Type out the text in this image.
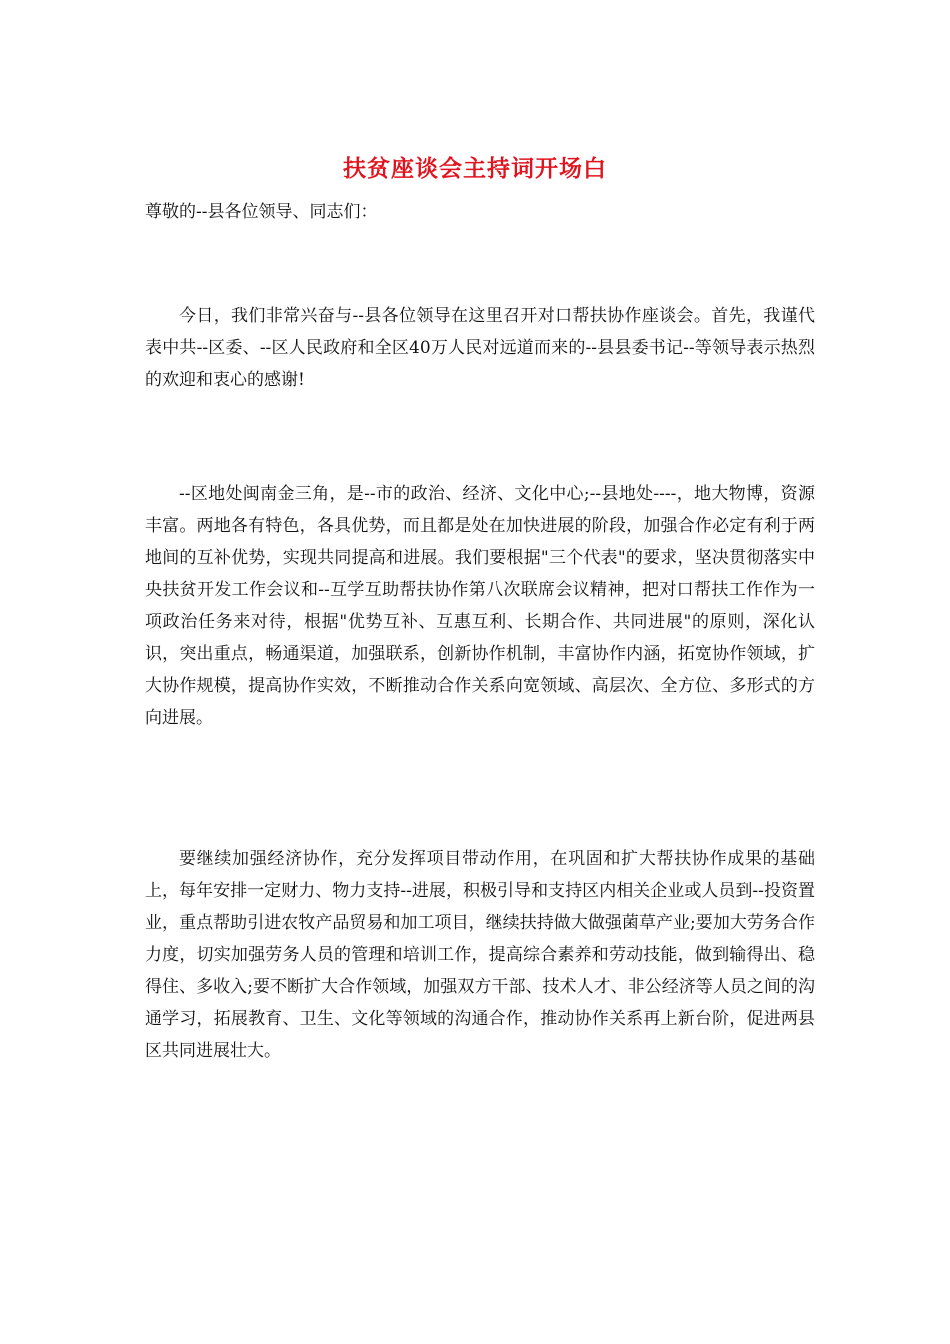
扶贫座谈会主持词开场白
尊敬的--县各位领导、同志们：

今日，我们非常兴奋与--县各位领导在这里召开对口帮扶协作座谈会。首先，我谨代表中共--区委、--区人民政府和全区40万人民对远道而来的--县县委书记--等领导表示热烈的欢迎和衷心的感谢!

--区地处闽南金三角，是--市的政治、经济、文化中心;--县地处----，地大物博，资源丰富。两地各有特色，各具优势，而且都是处在加快进展的阶段，加强合作必定有利于两地间的互补优势，实现共同提高和进展。我们要根据"三个代表"的要求，坚决贯彻落实中央扶贫开发工作会议和--互学互助帮扶协作第八次联席会议精神，把对口帮扶工作作为一项政治任务来对待，根据"优势互补、互惠互利、长期合作、共同进展"的原则，深化认识，突出重点，畅通渠道，加强联系，创新协作机制，丰富协作内涵，拓宽协作领域，扩大协作规模，提高协作实效，不断推动合作关系向宽领域、高层次、全方位、多形式的方向进展。

要继续加强经济协作，充分发挥项目带动作用，在巩固和扩大帮扶协作成果的基础上，每年安排一定财力、物力支持--进展，积极引导和支持区内相关企业或人员到--投资置业，重点帮助引进农牧产品贸易和加工项目，继续扶持做大做强菌草产业;要加大劳务合作力度，切实加强劳务人员的管理和培训工作，提高综合素养和劳动技能，做到输得出、稳得住、多收入;要不断扩大合作领域，加强双方干部、技术人才、非公经济等人员之间的沟通学习，拓展教育、卫生、文化等领域的沟通合作，推动协作关系再上新台阶，促进两县区共同进展壮大。
